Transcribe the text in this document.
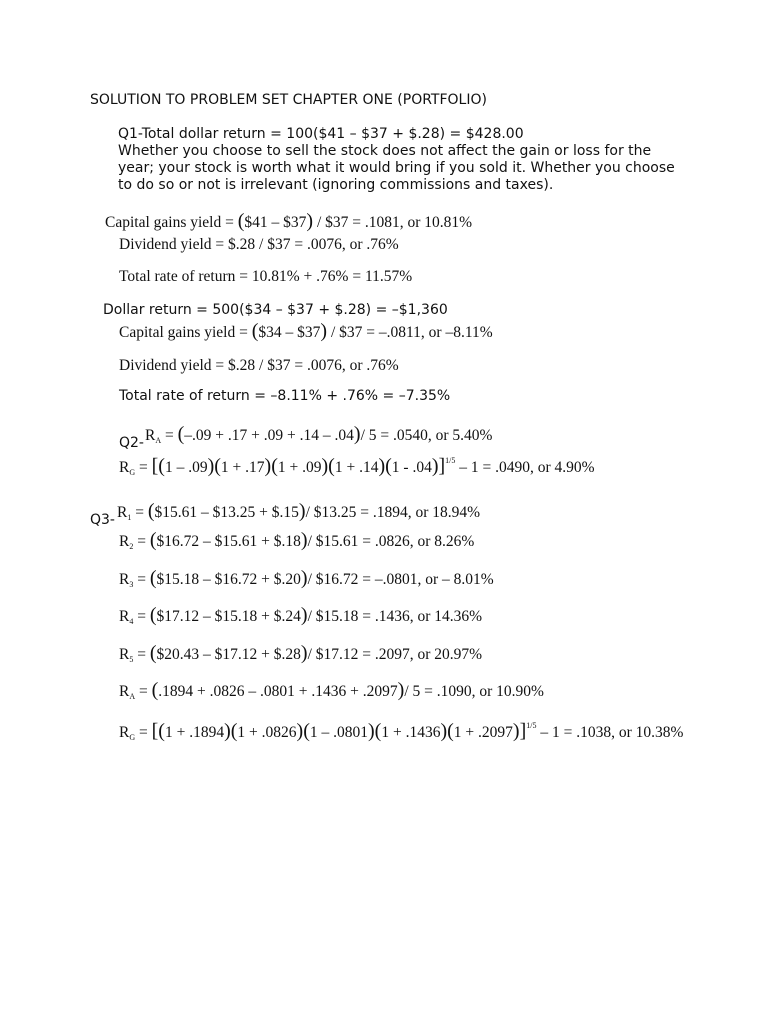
SOLUTION TO PROBLEM SET CHAPTER ONE (PORTFOLIO)
Q1-Total dollar return = 100($41 – $37 + $.28) = $428.00
Whether you choose to sell the stock does not affect the gain or loss for the
year; your stock is worth what it would bring if you sold it. Whether you choose
to do so or not is irrelevant (ignoring commissions and taxes).
Capital gains yield = ($41 – $37) / $37 = .1081, or 10.81%
Dividend yield = $.28 / $37 = .0076, or .76%
Total rate of return = 10.81% + .76% = 11.57%
Dollar return = 500($34 – $37 + $.28) = –$1,360
Capital gains yield = ($34 – $37) / $37 = –.0811, or –8.11%
Dividend yield = $.28 / $37 = .0076, or .76%
Total rate of return = –8.11% + .76% = –7.35%
Q2- $R_A = (-.09 + .17 + .09 + .14 - .04)/$ 5 = .0540, or 5.40%
$R_G = [(1 - .09)(1 + .17)(1 + .09)(1 + .14)(1 - .04)]^{1/5} - 1 = .0490$, or 4.90%
Q3- $R_1$ = ($15.61 – $13.25 + $.15)/ $13.25 = .1894, or 18.94%
$R_2$ = ($16.72 – $15.61 + $.18)/ $15.61 = .0826, or 8.26%
$R_3$ = ($15.18 – $16.72 + $.20)/ $16.72 = –.0801, or – 8.01%
$R_4$ = ($17.12 – $15.18 + $.24)/ $15.18 = .1436, or 14.36%
$R_5$ = ($20.43 – $17.12 + $.28)/ $17.12 = .2097, or 20.97%
$R_A = (.1894 + .0826 - .0801 + .1436 + .2097)/$ 5 = .1090, or 10.90%
$R_G = [(1 + .1894)(1 + .0826)(1 - .0801)(1 + .1436)(1 + .2097)]^{1/5} - 1 = .1038$, or 10.38%
